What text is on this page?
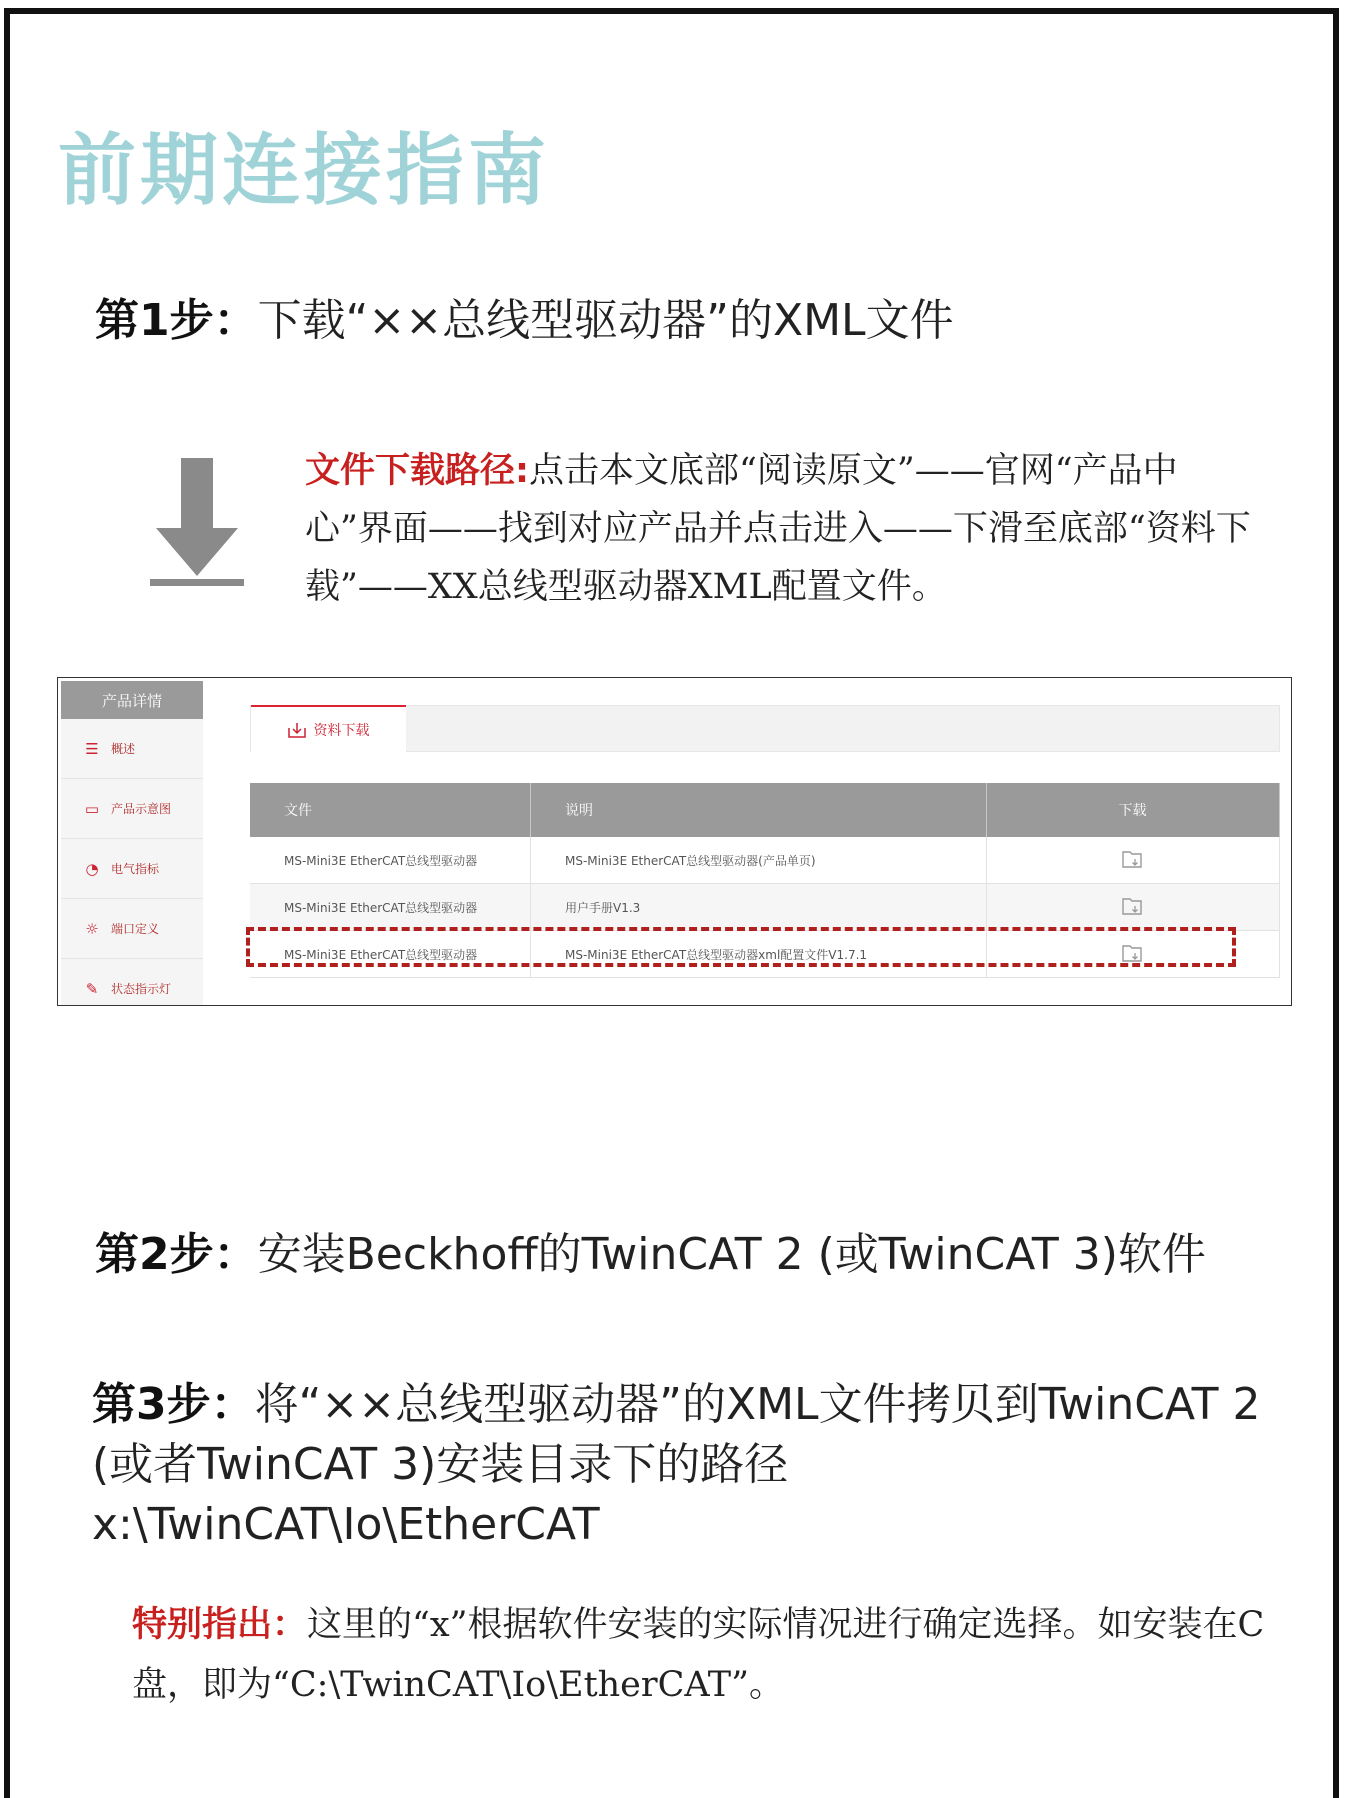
前期连接指南
第1步：下载“××总线型驱动器”的XML文件
文件下载路径:点击本文底部“阅读原文”——官网“产品中心”界面——找到对应产品并点击进入——下滑至底部“资料下载”——XX总线型驱动器XML配置文件。
产品详情
☰ 概述
▭ 产品示意图
◔ 电气指标
☼ 端口定义
✎ 状态指示灯
资料下载
文件	说明	下载
MS-Mini3E EtherCAT总线型驱动器	MS-Mini3E EtherCAT总线型驱动器(产品单页)	
MS-Mini3E EtherCAT总线型驱动器	用户手册V1.3	
MS-Mini3E EtherCAT总线型驱动器	MS-Mini3E EtherCAT总线型驱动器xml配置文件V1.7.1	
第2步：安装Beckhoff的TwinCAT 2 (或TwinCAT 3)软件
第3步：将“××总线型驱动器”的XML文件拷贝到TwinCAT 2 (或者TwinCAT 3)安装目录下的路径x:\TwinCAT\Io\EtherCAT
特别指出：这里的“x”根据软件安装的实际情况进行确定选择。如安装在C盘，即为“C:\TwinCAT\Io\EtherCAT”。
